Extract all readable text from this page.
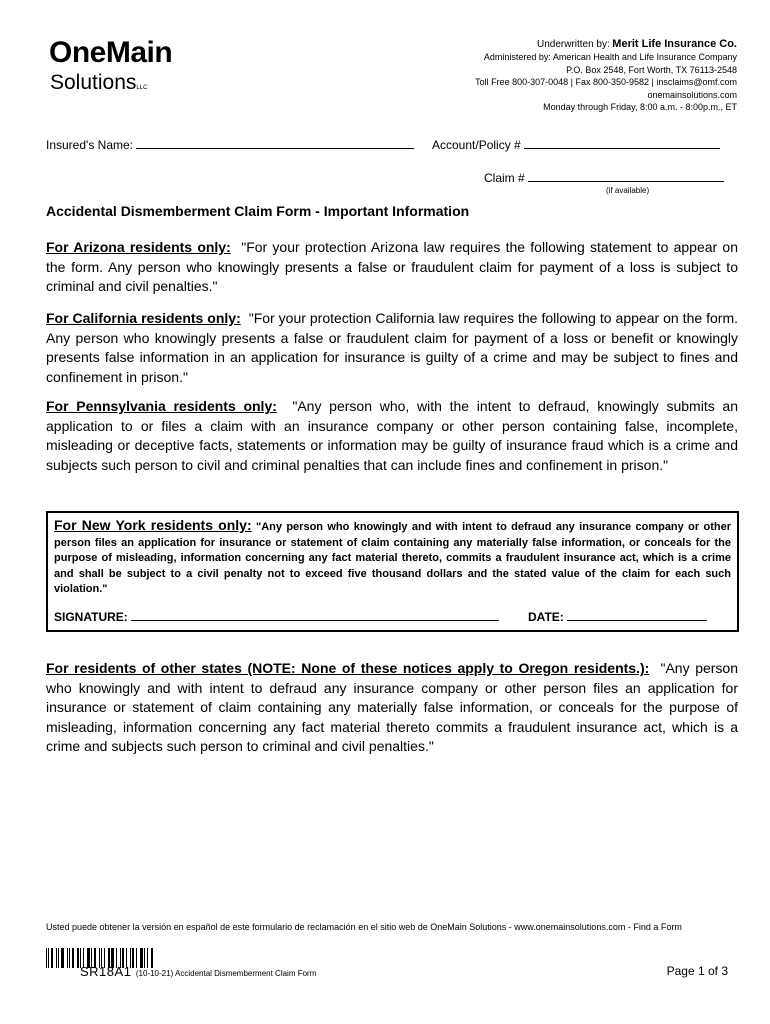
OneMain
SolutionsLLC
Underwritten by: Merit Life Insurance Co.
Administered by: American Health and Life Insurance Company
P.O. Box 2548, Fort Worth, TX 76113-2548
Toll Free 800-307-0048 | Fax 800-350-9582 | insclaims@omf.com
onemainsolutions.com
Monday through Friday, 8:00 a.m. - 8:00p.m., ET
Insured's Name:	Account/Policy #
Claim #
(if available)
Accidental Dismemberment Claim Form - Important Information
For Arizona residents only: "For your protection Arizona law requires the following statement to appear on the form. Any person who knowingly presents a false or fraudulent claim for payment of a loss is subject to criminal and civil penalties."
For California residents only: "For your protection California law requires the following to appear on the form. Any person who knowingly presents a false or fraudulent claim for payment of a loss or benefit or knowingly presents false information in an application for insurance is guilty of a crime and may be subject to fines and confinement in prison."
For Pennsylvania residents only: "Any person who, with the intent to defraud, knowingly submits an application to or files a claim with an insurance company or other person containing false, incomplete, misleading or deceptive facts, statements or information may be guilty of insurance fraud which is a crime and subjects such person to civil and criminal penalties that can include fines and confinement in prison."
For New York residents only: "Any person who knowingly and with intent to defraud any insurance company or other person files an application for insurance or statement of claim containing any materially false information, or conceals for the purpose of misleading, information concerning any fact material thereto, commits a fraudulent insurance act, which is a crime and shall be subject to a civil penalty not to exceed five thousand dollars and the stated value of the claim for each such violation."
SIGNATURE:	DATE:
For residents of other states (NOTE: None of these notices apply to Oregon residents.): "Any person who knowingly and with intent to defraud any insurance company or other person files an application for insurance or statement of claim containing any materially false information, or conceals for the purpose of misleading, information concerning any fact material thereto commits a fraudulent insurance act, which is a crime and subjects such person to criminal and civil penalties."
Usted puede obtener la versión en español de este formulario de reclamación en el sitio web de OneMain Solutions - www.onemainsolutions.com - Find a Form
SR18A1 (10-10-21) Accidental Dismemberment Claim Form	Page 1 of 3
